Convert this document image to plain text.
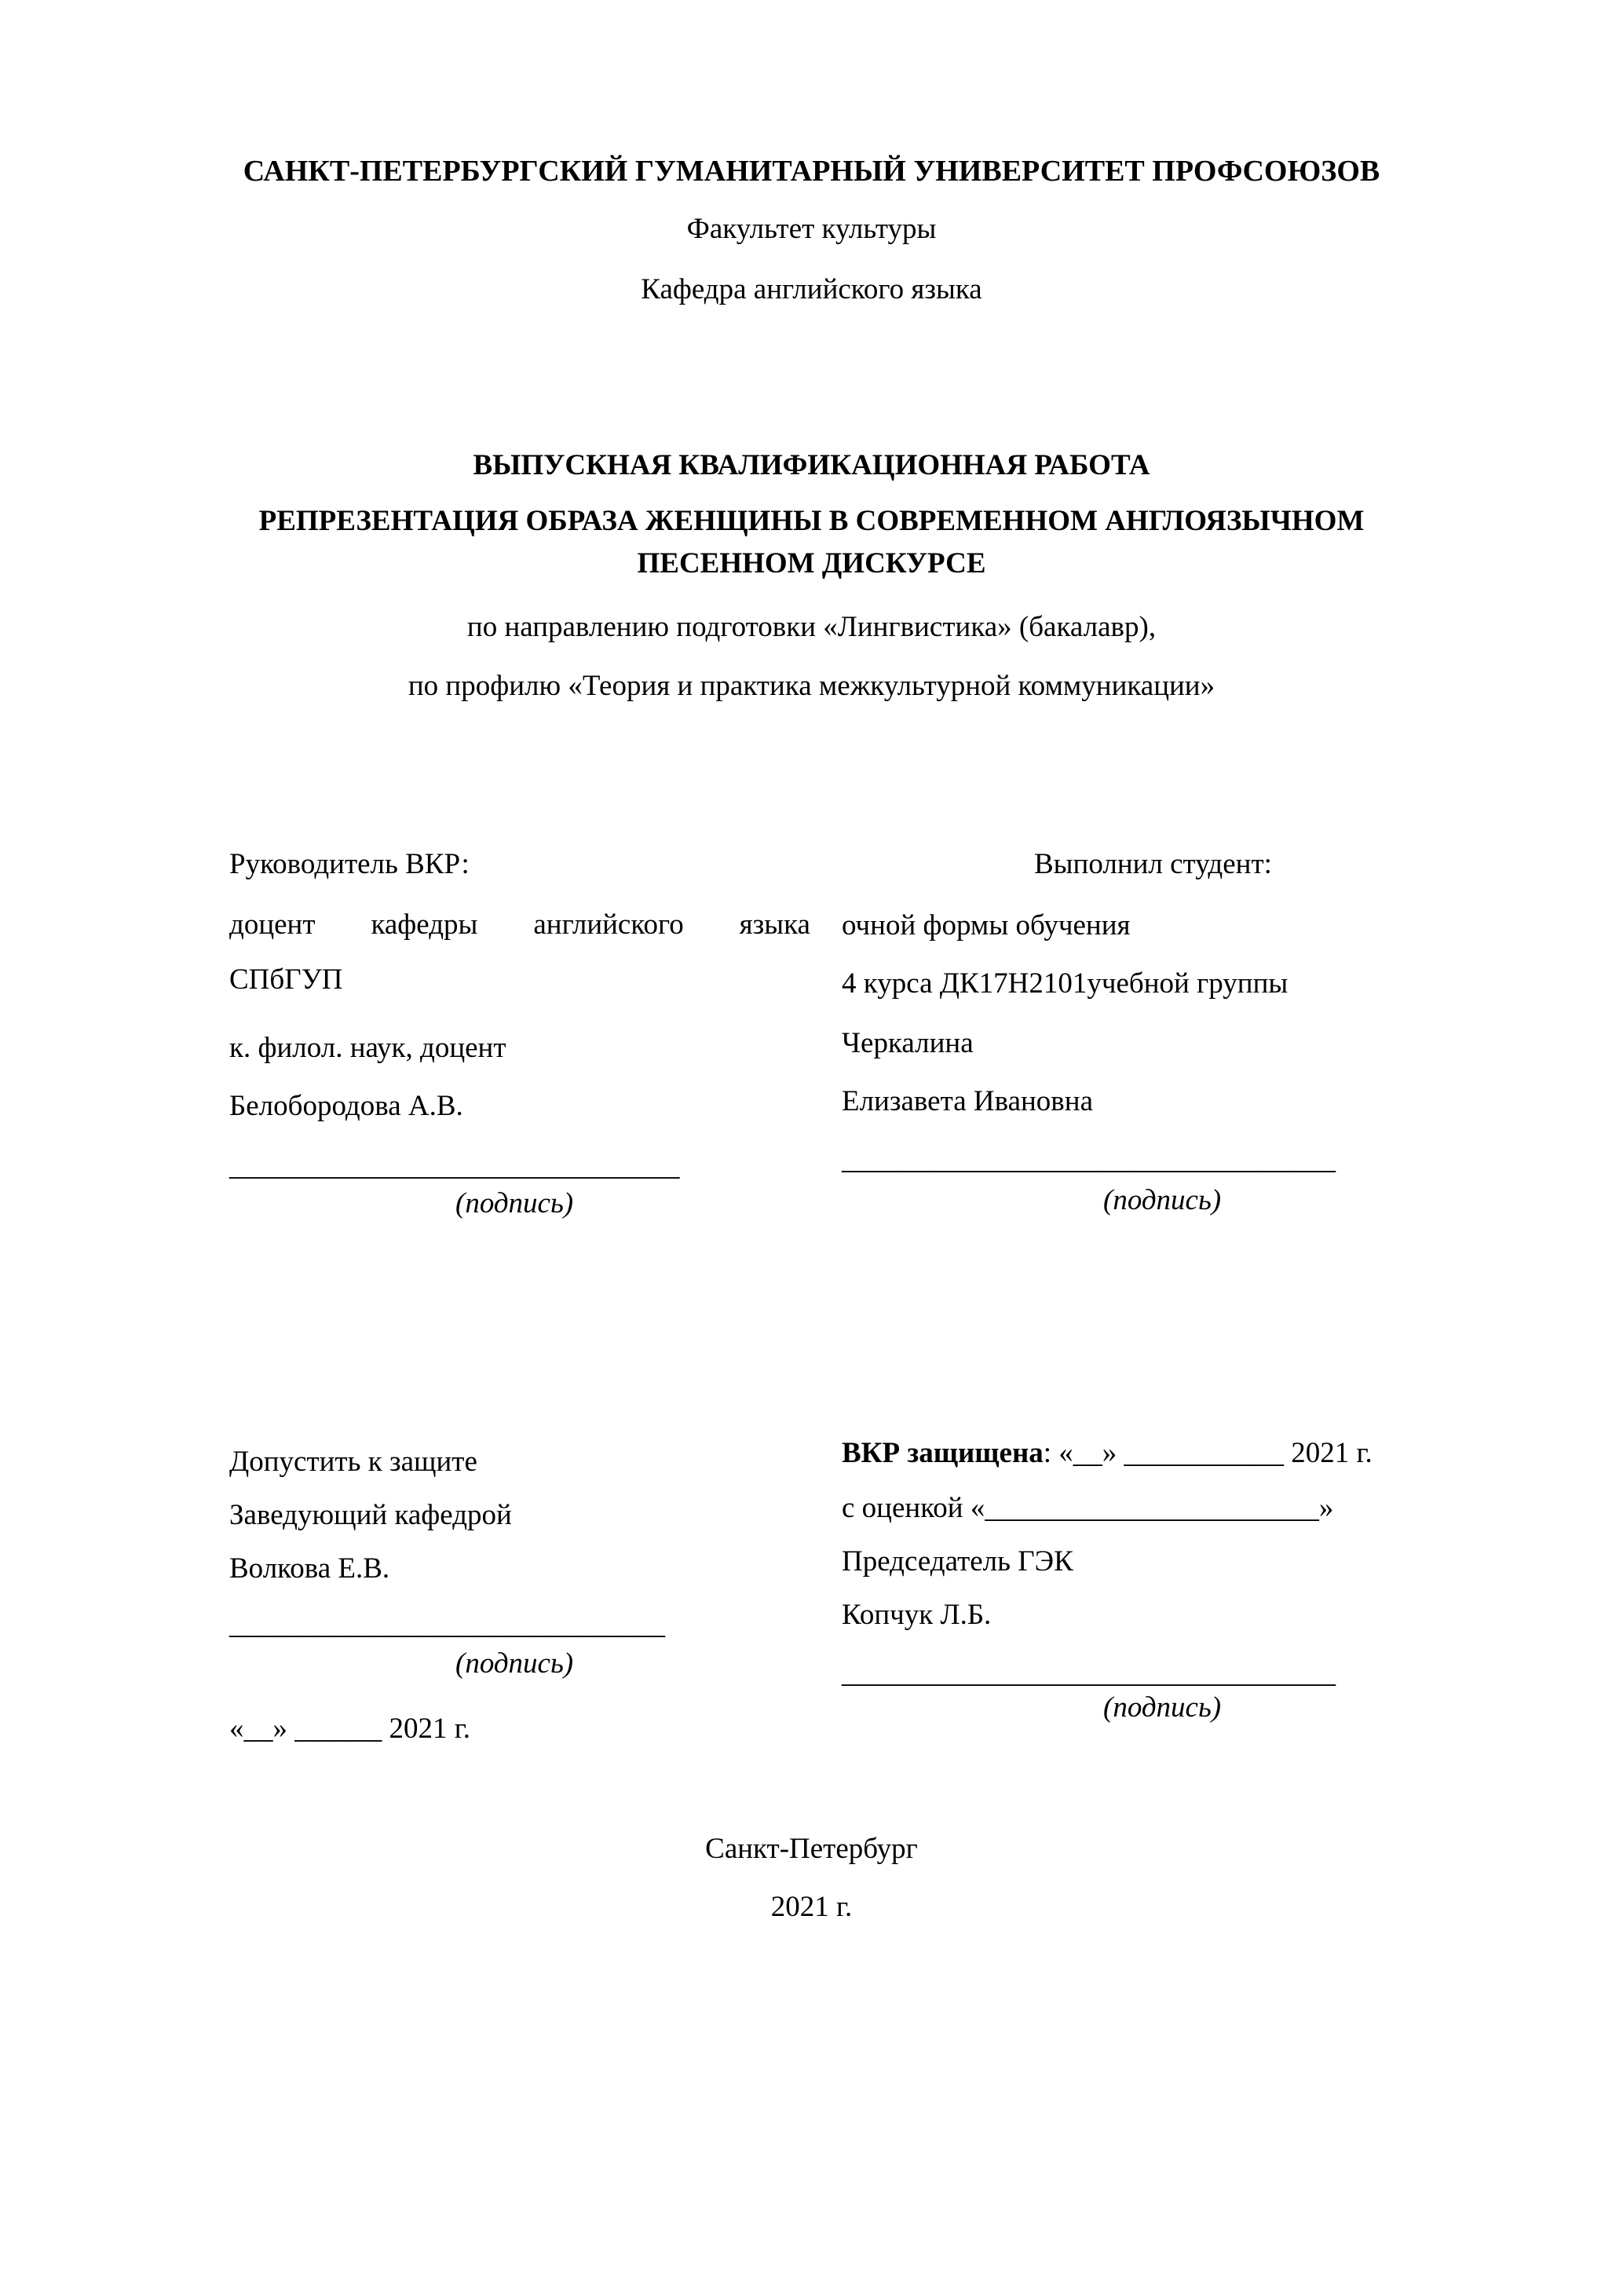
САНКТ-ПЕТЕРБУРГСКИЙ ГУМАНИТАРНЫЙ УНИВЕРСИТЕТ ПРОФСОЮЗОВ
Факультет культуры
Кафедра английского языка
ВЫПУСКНАЯ КВАЛИФИКАЦИОННАЯ РАБОТА
РЕПРЕЗЕНТАЦИЯ ОБРАЗА ЖЕНЩИНЫ В СОВРЕМЕННОМ АНГЛОЯЗЫЧНОМ
ПЕСЕННОМ ДИСКУРСЕ
по направлению подготовки «Лингвистика» (бакалавр),
по профилю «Теория и практика межкультурной коммуникации»
Руководитель ВКР:
доцент кафедры английского языка
СПбГУП
к. филол. наук, доцент
Белобородова А.В.
_______________________________
(подпись)
Выполнил студент:
очной формы обучения
4 курса ДК17Н2101учебной группы
Черкалина
Елизавета Ивановна
__________________________________
(подпись)
Допустить к защите
Заведующий кафедрой
Волкова Е.В.
______________________________
(подпись)
«__» ______ 2021 г.
ВКР защищена: «__» ___________ 2021 г.
с оценкой «_______________________»
Председатель ГЭК
Копчук Л.Б.
__________________________________
(подпись)
Санкт-Петербург
2021 г.
